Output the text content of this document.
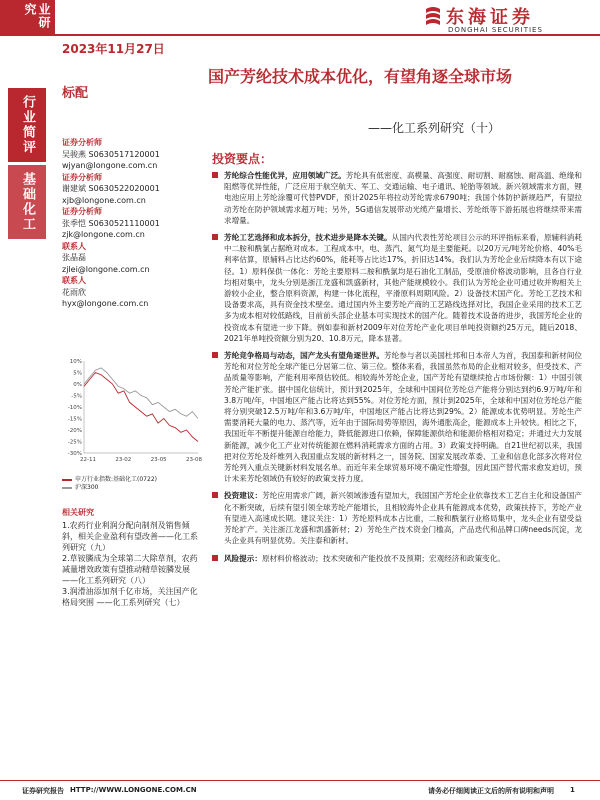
业研究	东海证券
DONGHAI SECURITIES
2023年11月27日
行业简评
基础化工
标配
国产芳纶技术成本优化，有望角逐全球市场
——化工系列研究（十）
证券分析师
吴骏燕 S0630517120001
wjyan@longone.com.cn
证券分析师
谢建斌 S0630522020001
xjb@longone.com.cn
证券分析师
张季恺 S0630521110001
zjk@longone.com.cn
联系人
张晶磊
zjlei@longone.com.cn
联系人
花雨欣
hyx@longone.com.cn
10%
5%
0%
-5%
-10%
-15%
-20%
-25%
-30%
22-11	23-02	23-05	23-08
申万行业指数:基础化工(0722)
沪深300
相关研究
1.农药行业利润分配向制剂及销售倾斜，相关企业盈利有望改善——化工系列研究（九）
2.草铵膦成为全球第二大除草剂，农药减量增效政策有望推动精草铵膦发展——化工系列研究（八）
3.润滑油添加剂千亿市场，关注国产化格局突围 ——化工系列研究（七）
投资要点：
芳纶综合性能优异，应用领域广泛。芳纶具有低密度、高模量、高强度、耐切割、耐腐蚀、耐高温、绝缘和阻燃等优异性能，广泛应用于航空航天、军工、交通运输、电子通讯、轮胎等领域。新兴领域需求方面，锂电池应用上芳纶涂覆可代替PVDF，预计2025年将拉动芳纶需求6790吨；我国个体防护新规趋严，有望拉动芳纶在防护领域需求超万吨；另外，5G通信发展带动光缆产量增长、芳纶纸等下游拓展也将继续带来需求增量。
芳纶工艺选择和成本拆分，技术进步是降本关键。从国内代表性芳纶项目公示的环评指标来看，原辅料消耗中二胺和酰氯占据绝对成本。工程成本中，电、蒸汽、氮气均是主要能耗。以20万元/吨芳纶价格、40%毛利率估算，原辅料占比达约60%，能耗等占比达17%，折旧达14%。我们认为芳纶企业后续降本有以下途径。1）原料保供一体化：芳纶主要原料二胺和酰氯均是石油化工制品，受原油价格波动影响，且各自行业均相对集中，龙头分别是浙江龙盛和凯盛新材，其他产能规模较小。我们认为芳纶企业可通过收并购相关上游较小企业，整合原料资源，构建一体化流程，平滑原料周期风险。2）设备技术国产化。芳纶工艺技术和设备要求高，具有资金技术壁垒。通过国内外主要芳纶产商的工艺路线选择对比，我国企业采用的技术工艺多为成本相对较低路线，目前前头部企业基本可实现技术的国产化。随着技术设备的进步，我国芳纶企业的投资成本有望进一步下降。例如泰和新材2009年对位芳纶产业化项目单吨投资额约25万元，随后2018、2021年单吨投资额分别为20、10.8万元，降本显著。
芳纶竞争格局与动态，国产龙头有望角逐世界。芳纶参与者以美国杜邦和日本帝人为首，我国泰和新材间位芳纶和对位芳纶全球产能已分居第二位、第三位。整体来看，我国虽然布局的企业相对较多，但受技术、产品质量等影响，产能利用率预估较低。相较海外芳纶企业，国产芳纶有望继续抢占市场份额：1）中国引领芳纶产能扩张。据中国化信统计，预计到2025年，全球和中国间位芳纶总产能将分别达到约6.9万吨/年和3.8万吨/年，中国地区产能占比将达到55%。对位芳纶方面，预计到2025年，全球和中国对位芳纶总产能将分别突破12.5万吨/年和3.6万吨/年，中国地区产能占比将达到29%。2）能源成本优势明显。芳纶生产需要消耗大量的电力、蒸汽等，近年由于国际局势等原因，海外通胀高企，能源成本上升较快。相比之下，我国近年不断提升能源自给能力，降低能源进口依赖，保障能源供给和能源价格相对稳定；并通过大力发展新能源，减少化工产业对传统能源在燃料消耗需求方面的占用。3）政策支持明确。自21世纪初以来，我国把对位芳纶及纤维列入我国重点发展的新材料之一，国务院、国家发展改革委、工业和信息化部多次将对位芳纶列入重点关键新材料发展名单。而近年来全球贸易环境不确定性增强，因此国产替代需求愈发迫切，预计未来芳纶领域仍有较好的政策支持力度。
投资建议：芳纶应用需求广阔，新兴领域渗透有望加大，我国国产芳纶企业依靠技术工艺自主化和设备国产化不断突破，后续有望引领全球芳纶产能增长，且相较海外企业具有能源成本优势，政策扶持下，芳纶产业有望进入高速成长期。建议关注：1）芳纶原料成本占比重，二胺和酰氯行业格局集中，龙头企业有望受益芳纶扩产。关注浙江龙盛和凯盛新材；2）芳纶生产技术资金门槛高，产品迭代和品牌口碑needs沉淀，龙头企业具有明显优势。关注泰和新材。
风险提示：原材料价格波动；技术突破和产能投放不及预期；宏观经济和政策变化。
证券研究报告 HTTP://WWW.LONGONE.COM.CN	请务必仔细阅读正文后的所有说明和声明 1
